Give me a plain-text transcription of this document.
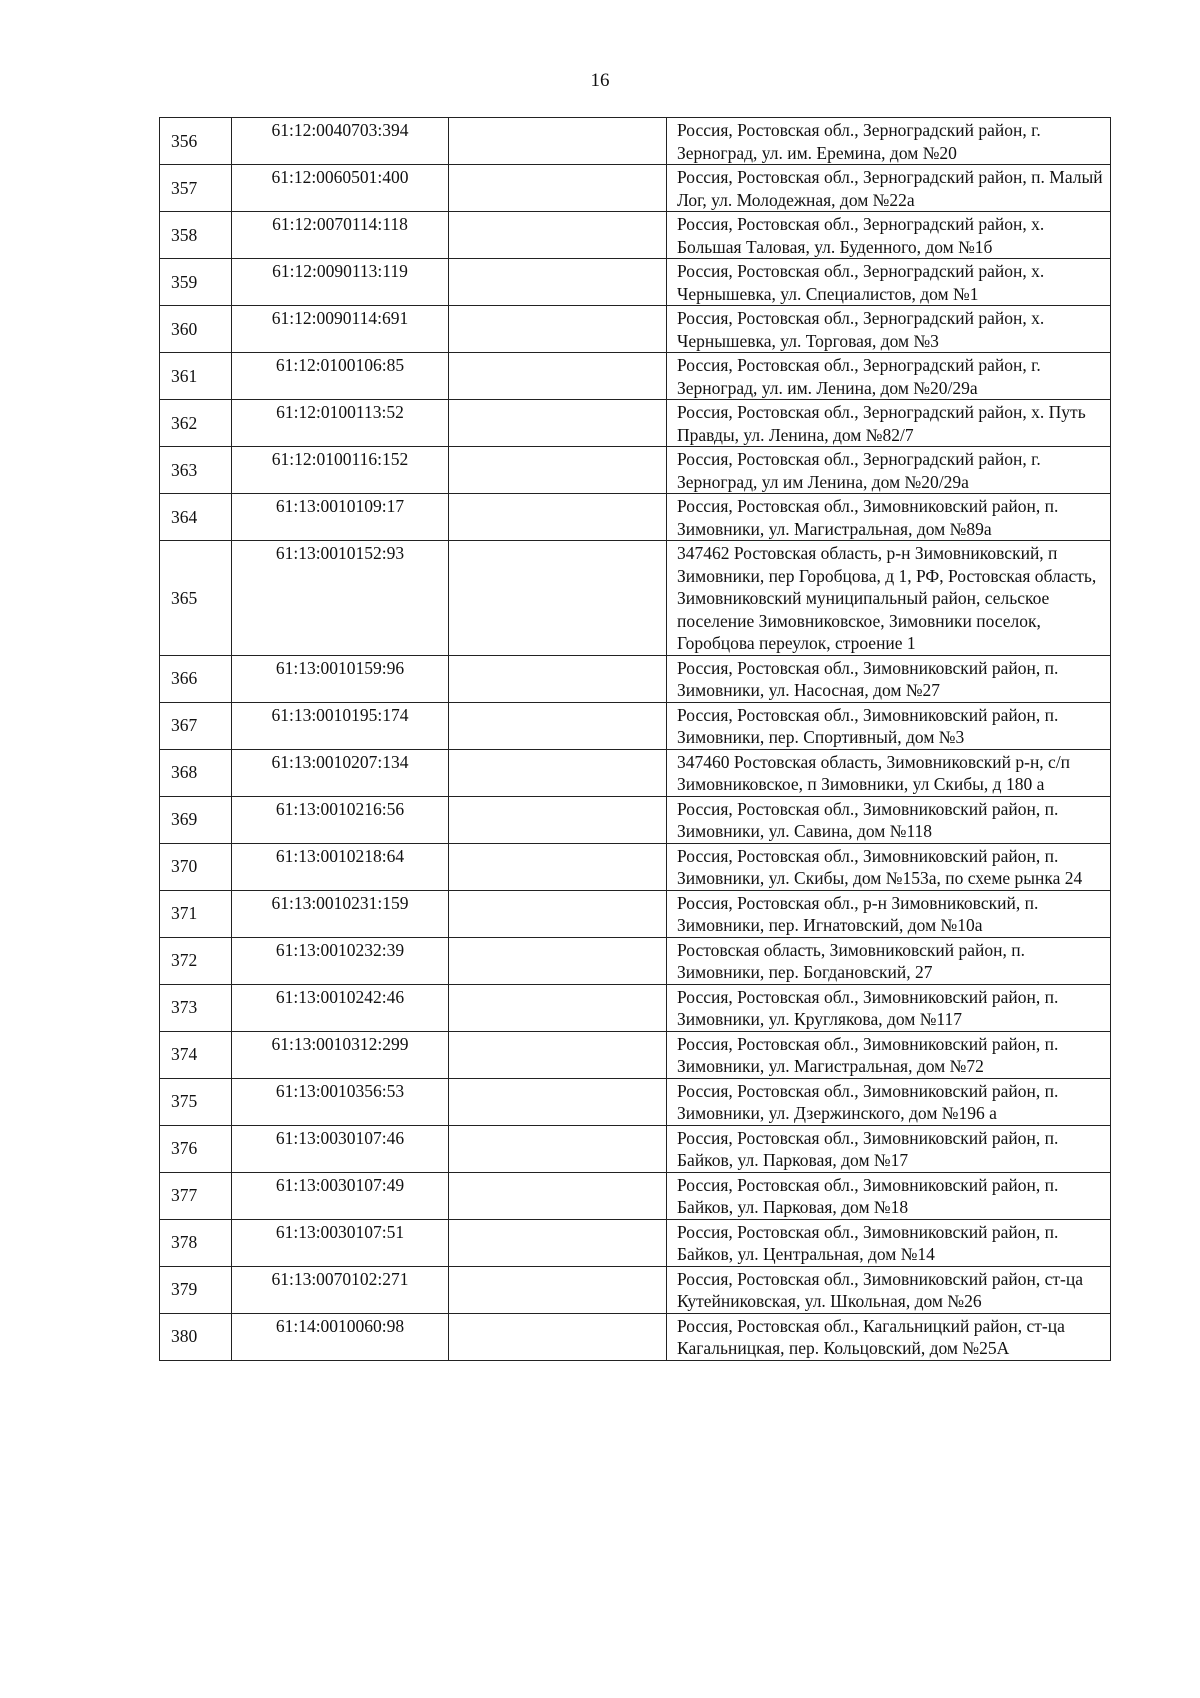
16
356	61:12:0040703:394		Россия, Ростовская обл., Зерноградский район, г. Зерноград, ул. им. Еремина, дом №20
357	61:12:0060501:400		Россия, Ростовская обл., Зерноградский район, п. Малый Лог, ул. Молодежная, дом №22а
358	61:12:0070114:118		Россия, Ростовская обл., Зерноградский район, х. Большая Таловая, ул. Буденного, дом №1б
359	61:12:0090113:119		Россия, Ростовская обл., Зерноградский район, х. Чернышевка, ул. Специалистов, дом №1
360	61:12:0090114:691		Россия, Ростовская обл., Зерноградский район, х. Чернышевка, ул. Торговая, дом №3
361	61:12:0100106:85		Россия, Ростовская обл., Зерноградский район, г. Зерноград, ул. им. Ленина, дом №20/29а
362	61:12:0100113:52		Россия, Ростовская обл., Зерноградский район, х. Путь Правды, ул. Ленина, дом №82/7
363	61:12:0100116:152		Россия, Ростовская обл., Зерноградский район, г. Зерноград, ул им Ленина, дом №20/29а
364	61:13:0010109:17		Россия, Ростовская обл., Зимовниковский район, п. Зимовники, ул. Магистральная, дом №89а
365	61:13:0010152:93		347462 Ростовская область, р-н Зимовниковский, п Зимовники, пер Горобцова, д 1, РФ, Ростовская область, Зимовниковский муниципальный район, сельское поселение Зимовниковское, Зимовники поселок, Горобцова переулок, строение 1
366	61:13:0010159:96		Россия, Ростовская обл., Зимовниковский район, п. Зимовники, ул. Насосная, дом №27
367	61:13:0010195:174		Россия, Ростовская обл., Зимовниковский район, п. Зимовники, пер. Спортивный, дом №3
368	61:13:0010207:134		347460 Ростовская область, Зимовниковский р-н, с/п Зимовниковское, п Зимовники, ул Скибы, д 180 а
369	61:13:0010216:56		Россия, Ростовская обл., Зимовниковский район, п. Зимовники, ул. Савина, дом №118
370	61:13:0010218:64		Россия, Ростовская обл., Зимовниковский район, п. Зимовники, ул. Скибы, дом №153а, по схеме рынка 24
371	61:13:0010231:159		Россия, Ростовская обл., р-н Зимовниковский, п. Зимовники, пер. Игнатовский, дом №10а
372	61:13:0010232:39		Ростовская область, Зимовниковский район, п. Зимовники, пер. Богдановский, 27
373	61:13:0010242:46		Россия, Ростовская обл., Зимовниковский район, п. Зимовники, ул. Круглякова, дом №117
374	61:13:0010312:299		Россия, Ростовская обл., Зимовниковский район, п. Зимовники, ул. Магистральная, дом №72
375	61:13:0010356:53		Россия, Ростовская обл., Зимовниковский район, п. Зимовники, ул. Дзержинского, дом №196 а
376	61:13:0030107:46		Россия, Ростовская обл., Зимовниковский район, п. Байков, ул. Парковая, дом №17
377	61:13:0030107:49		Россия, Ростовская обл., Зимовниковский район, п. Байков, ул. Парковая, дом №18
378	61:13:0030107:51		Россия, Ростовская обл., Зимовниковский район, п. Байков, ул. Центральная, дом №14
379	61:13:0070102:271		Россия, Ростовская обл., Зимовниковский район, ст-ца Кутейниковская, ул. Школьная, дом №26
380	61:14:0010060:98		Россия, Ростовская обл., Кагальницкий район, ст-ца Кагальницкая, пер. Кольцовский, дом №25А
